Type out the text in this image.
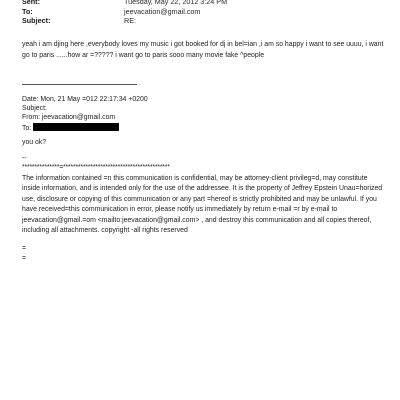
Sent:	Tuesday, May 22, 2012 3:24 PM
To:	jeevacation@gmail.com
Subject:	RE:
yeah i am djing here ,everybody loves my music i got booked for dj in bel=ian ,i am so happy i want to see uuuu, i want go to paris ......how ar =????? i want go to paris sooo many movie fake ^people
Date: Mon, 21 May =012 22:17:34 +0200
Subject:
From: jeevacation@gmail.com
To:
you ok?
--
***************=*******************************************
The information contained =n this communication is confidential, may be attorney-client privileg=d, may constitute inside information, and is intended only for the use of the addressee. It is the property of Jeffrey Epstein Unau=horized use, disclosure or copying of this communication or any part =hereof is strictly prohibited and may be unlawful. If you have received=this communication in error, please notify us immediately by return e-mail =r by e-mail to jeevacation@gmail.=om <mailto:jeevacation@gmail.com> , and destroy this communication and all copies thereof, including all attachments. copyright -all rights reserved
=
=
